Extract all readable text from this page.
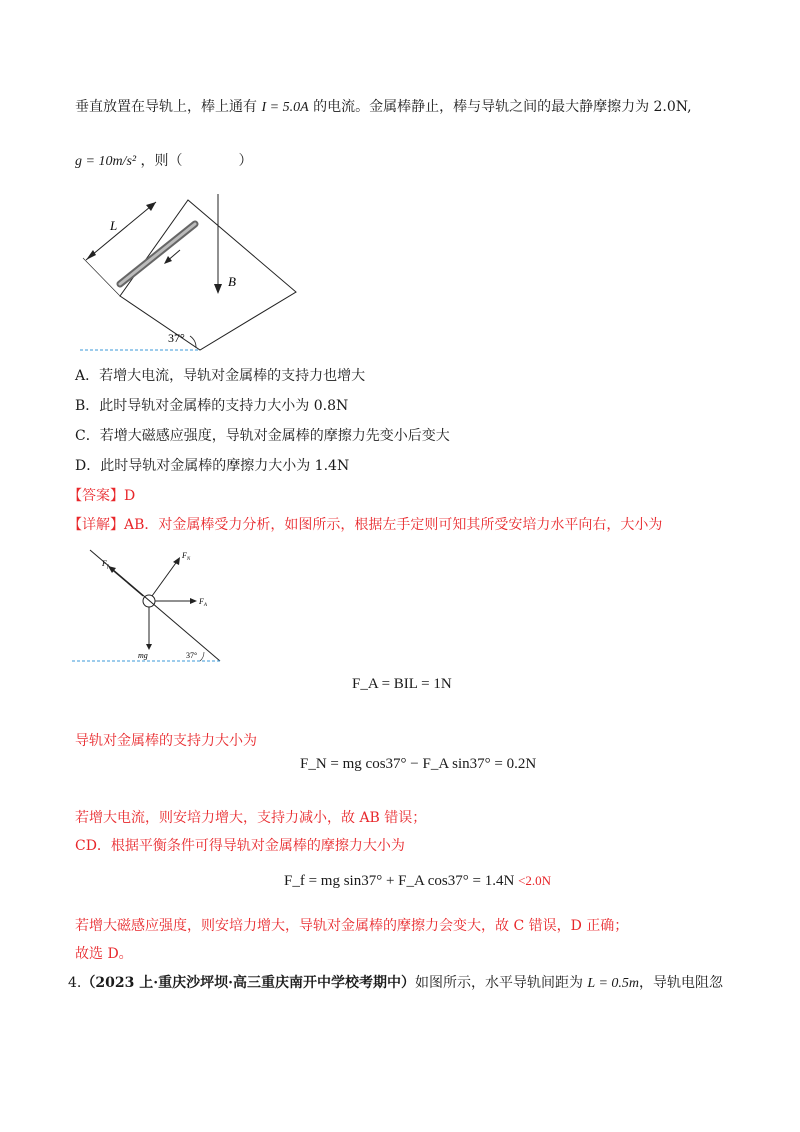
垂直放置在导轨上，棒上通有 I = 5.0A 的电流。金属棒静止，棒与导轨之间的最大静摩擦力为 2.0N,
g = 10m/s² ，则（　　　　）
L
B
37°
A．若增大电流，导轨对金属棒的支持力也增大
B．此时导轨对金属棒的支持力大小为 0.8N
C．若增大磁感应强度，导轨对金属棒的摩擦力先变小后变大
D．此时导轨对金属棒的摩擦力大小为 1.4N
【答案】D
【详解】AB．对金属棒受力分析，如图所示，根据左手定则可知其所受安培力水平向右，大小为
$F_f$
$F_N$
$F_A$
mg	37°
F_A = BIL = 1N
导轨对金属棒的支持力大小为
F_N = mg cos37° − F_A sin37° = 0.2N
若增大电流，则安培力增大，支持力减小，故 AB 错误；
CD．根据平衡条件可得导轨对金属棒的摩擦力大小为
F_f = mg sin37° + F_A cos37° = 1.4N <2.0N
若增大磁感应强度，则安培力增大，导轨对金属棒的摩擦力会变大，故 C 错误，D 正确；
故选 D。
4.（2023 上·重庆沙坪坝·高三重庆南开中学校考期中）如图所示，水平导轨间距为 L = 0.5m，导轨电阻忽
